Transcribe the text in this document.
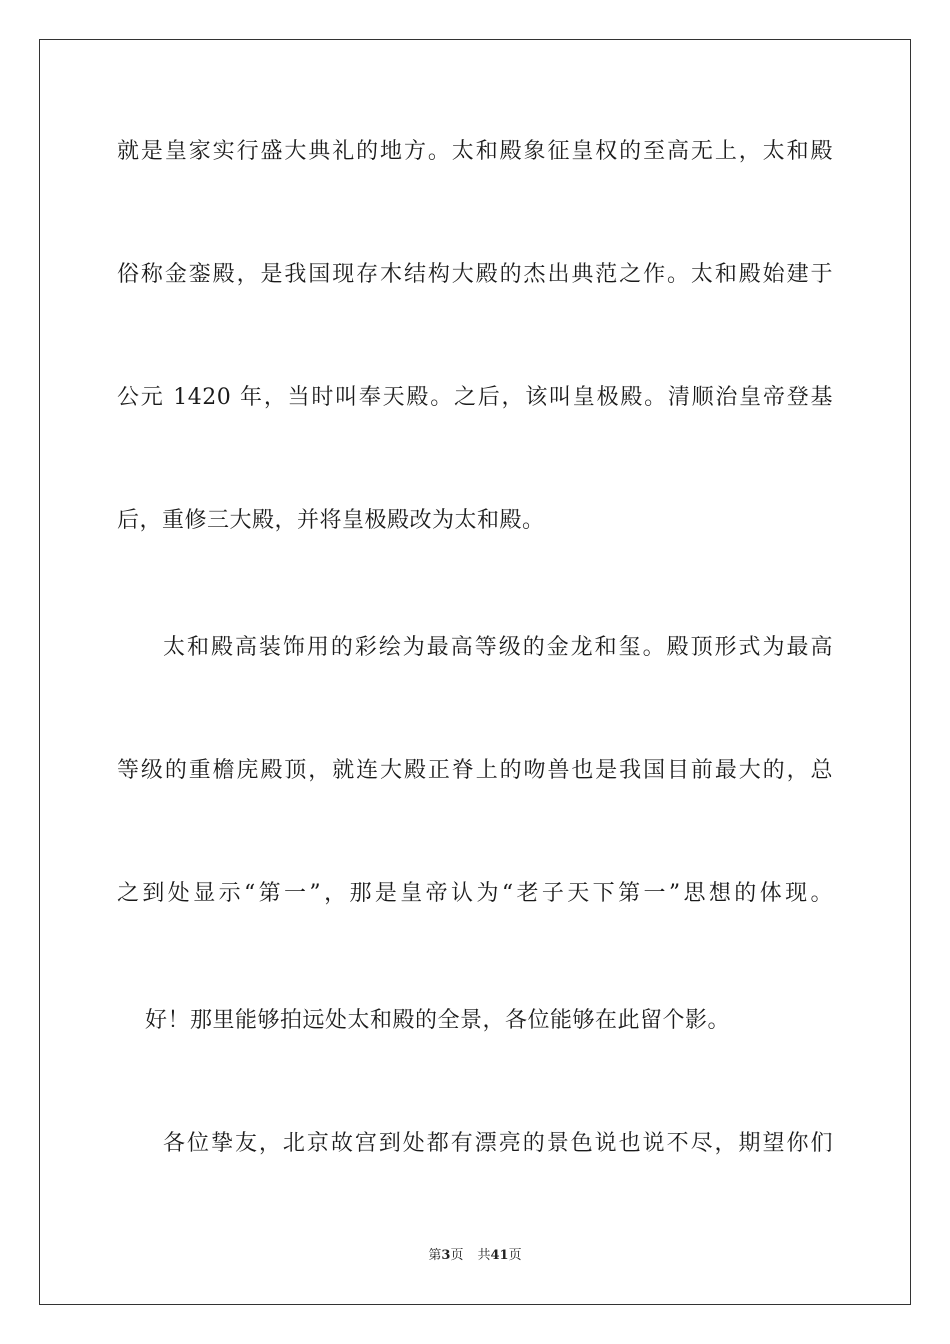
就是皇家实行盛大典礼的地方。太和殿象征皇权的至高无上，太和殿
俗称金銮殿，是我国现存木结构大殿的杰出典范之作。太和殿始建于
公元 1420 年，当时叫奉天殿。之后，该叫皇极殿。清顺治皇帝登基
后，重修三大殿，并将皇极殿改为太和殿。
太和殿高装饰用的彩绘为最高等级的金龙和玺。殿顶形式为最高
等级的重檐庑殿顶，就连大殿正脊上的吻兽也是我国目前最大的，总
之到处显示“第一”，那是皇帝认为“老子天下第一”思想的体现。
好！那里能够拍远处太和殿的全景，各位能够在此留个影。
各位挚友，北京故宫到处都有漂亮的景色说也说不尽，期望你们
第3页 共41页
